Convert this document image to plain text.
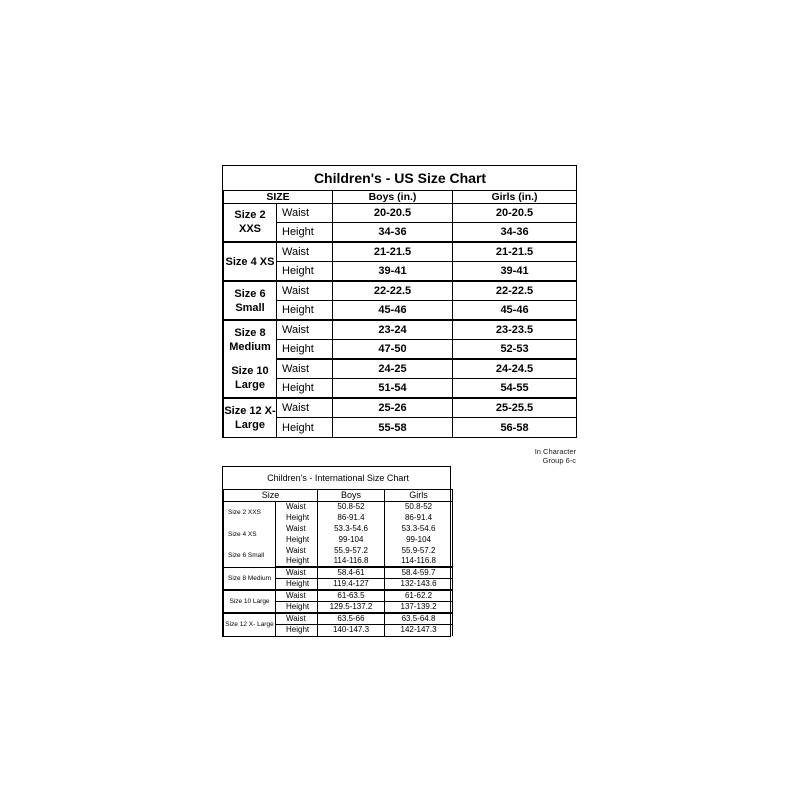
Children's - US Size Chart			
SIZE		Boys (in.)	Girls (in.)
Size 2 XXS	Waist	20-20.5	20-20.5
	Height	34-36	34-36
Size 4 XS	Waist	21-21.5	21-21.5
	Height	39-41	39-41
Size 6 Small	Waist	22-22.5	22-22.5
	Height	45-46	45-46
Size 8 Medium	Waist	23-24	23-23.5
	Height	47-50	52-53
Size 10 Large	Waist	24-25	24-24.5
	Height	51-54	54-55
Size 12 X-Large	Waist	25-26	25-25.5
	Height	55-58	56-58
In Character
Group 6-c
Children's - International Size Chart			
Size		Boys	Girls
Size 2 XXS	Waist	50.8-52	50.8-52
	Height	86-91.4	86-91.4
Size 4 XS	Waist	53.3-54.6	53.3-54.6
	Height	99-104	99-104
Size 6 Small	Waist	55.9-57.2	55.9-57.2
	Height	114-116.8	114-116.8
Size 8 Medium	Waist	58.4-61	58.4-59.7
	Height	119.4-127	132-143.6
Size 10 Large	Waist	61-63.5	61-62.2
	Height	129.5-137.2	137-139.2
Size 12 X- Large	Waist	63.5-66	63.5-64.8
	Height	140-147.3	142-147.3
